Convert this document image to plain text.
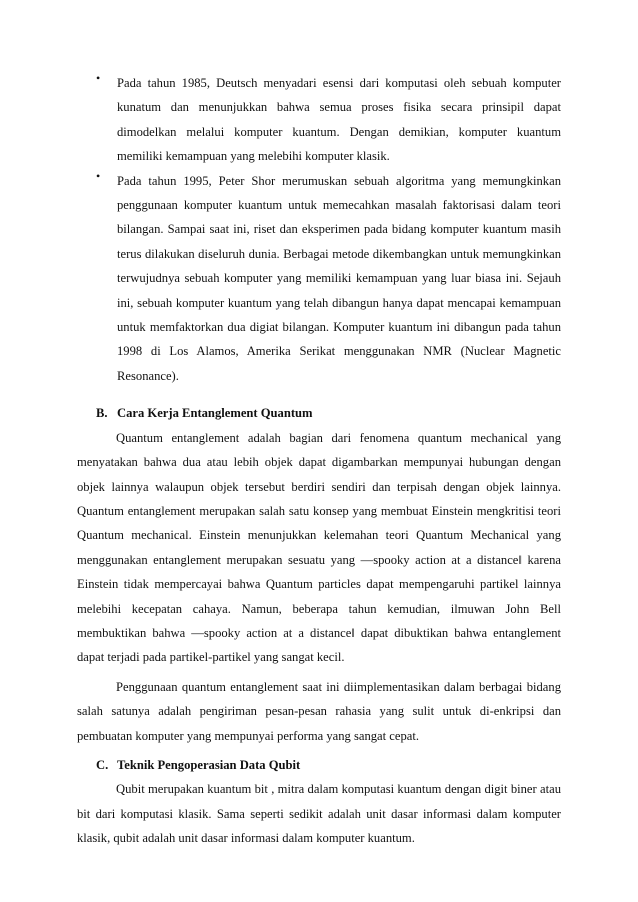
• Pada tahun 1985, Deutsch menyadari esensi dari komputasi oleh sebuah komputer kunatum dan menunjukkan bahwa semua proses fisika secara prinsipil dapat dimodelkan melalui komputer kuantum. Dengan demikian, komputer kuantum memiliki kemampuan yang melebihi komputer klasik.

• Pada tahun 1995, Peter Shor merumuskan sebuah algoritma yang memungkinkan penggunaan komputer kuantum untuk memecahkan masalah faktorisasi dalam teori bilangan. Sampai saat ini, riset dan eksperimen pada bidang komputer kuantum masih terus dilakukan diseluruh dunia. Berbagai metode dikembangkan untuk memungkinkan terwujudnya sebuah komputer yang memiliki kemampuan yang luar biasa ini. Sejauh ini, sebuah komputer kuantum yang telah dibangun hanya dapat mencapai kemampuan untuk memfaktorkan dua digiat bilangan. Komputer kuantum ini dibangun pada tahun 1998 di Los Alamos, Amerika Serikat menggunakan NMR (Nuclear Magnetic Resonance).

B. Cara Kerja Entanglement Quantum

Quantum entanglement adalah bagian dari fenomena quantum mechanical yang menyatakan bahwa dua atau lebih objek dapat digambarkan mempunyai hubungan dengan objek lainnya walaupun objek tersebut berdiri sendiri dan terpisah dengan objek lainnya. Quantum entanglement merupakan salah satu konsep yang membuat Einstein mengkritisi teori Quantum mechanical. Einstein menunjukkan kelemahan teori Quantum Mechanical yang menggunakan entanglement merupakan sesuatu yang ―spooky action at a distance‖ karena Einstein tidak mempercayai bahwa Quantum particles dapat mempengaruhi partikel lainnya melebihi kecepatan cahaya. Namun, beberapa tahun kemudian, ilmuwan John Bell membuktikan bahwa ―spooky action at a distance‖ dapat dibuktikan bahwa entanglement dapat terjadi pada partikel-partikel yang sangat kecil.

Penggunaan quantum entanglement saat ini diimplementasikan dalam berbagai bidang salah satunya adalah pengiriman pesan-pesan rahasia yang sulit untuk di-enkripsi dan pembuatan komputer yang mempunyai performa yang sangat cepat.

C. Teknik Pengoperasian Data Qubit

Qubit merupakan kuantum bit , mitra dalam komputasi kuantum dengan digit biner atau bit dari komputasi klasik. Sama seperti sedikit adalah unit dasar informasi dalam komputer klasik, qubit adalah unit dasar informasi dalam komputer kuantum.
